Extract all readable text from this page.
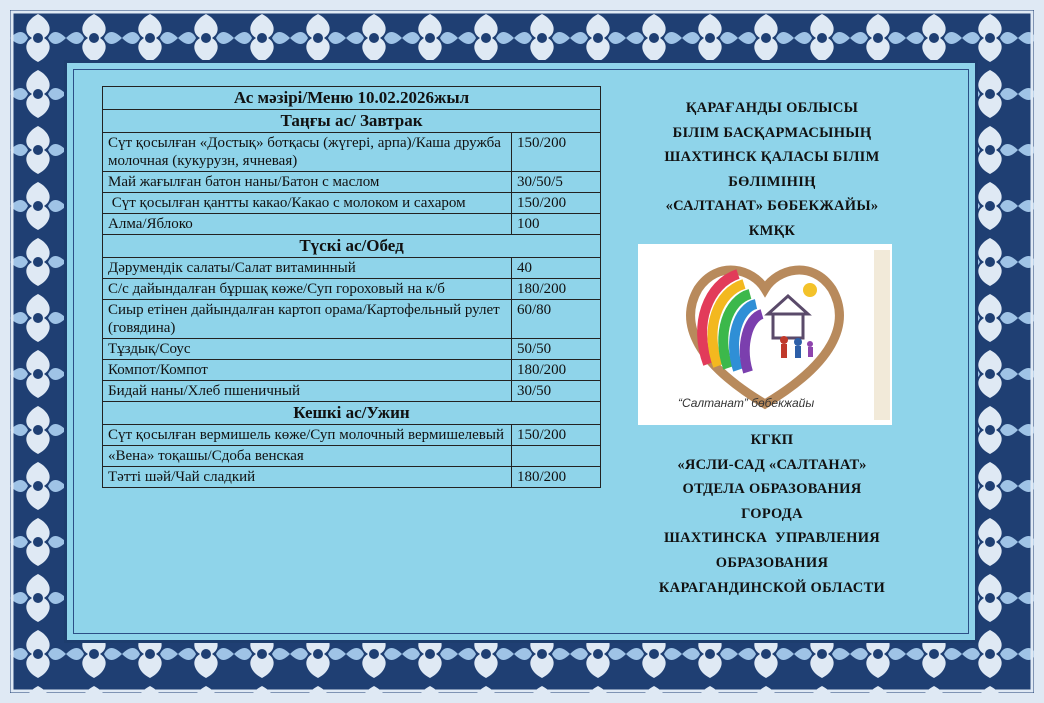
Ас мәзірі/Меню 10.02.2026жыл	
Таңғы ас/ Завтрак	
Сүт қосылған «Достық» ботқасы (жүгері, арпа)/Каша дружба молочная (кукурузн, ячневая)	150/200
Май жағылған батон наны/Батон с маслом	30/50/5
Сүт қосылған қантты какао/Какао с молоком и сахаром	150/200
Алма/Яблоко	100
Түскі ас/Обед	
Дәрумендік салаты/Салат витаминный	40
С/с дайындалған бұршақ көже/Суп гороховый на к/б	180/200
Сиыр етінен дайындалған картоп орама/Картофельный рулет (говядина)	60/80
Тұздық/Соус	50/50
Компот/Компот	180/200
Бидай наны/Хлеб пшеничный	30/50
Кешкі ас/Ужин	
Сүт қосылған вермишель көже/Суп молочный вермишелевый	150/200
«Вена» тоқашы/Сдоба венская	
Тәтті шәй/Чай сладкий	180/200
ҚАРАҒАНДЫ ОБЛЫСЫ
БІЛІМ БАСҚАРМАСЫНЫҢ
ШАХТИНСК ҚАЛАСЫ БІЛІМ
БӨЛІМІНІҢ
«САЛТАНАТ» БӨБЕКЖАЙЫ»
КМҚК
“Салтанат” бөбекжайы
КГКП
«ЯСЛИ-САД «САЛТАНАТ»
ОТДЕЛА ОБРАЗОВАНИЯ
ГОРОДА
ШАХТИНСКА  УПРАВЛЕНИЯ
ОБРАЗОВАНИЯ
КАРАГАНДИНСКОЙ ОБЛАСТИ
